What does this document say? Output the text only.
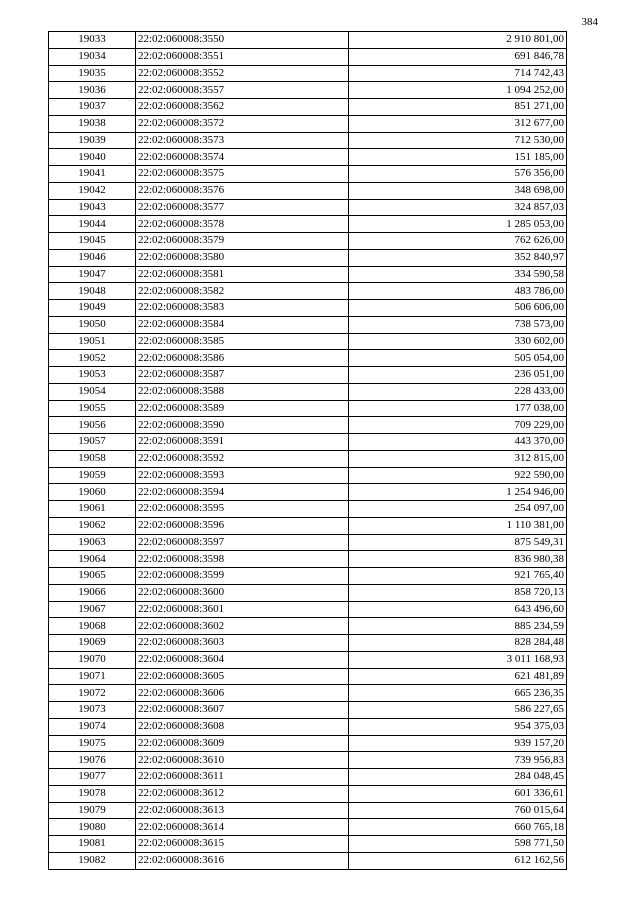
384
19033	22:02:060008:3550	2 910 801,00
19034	22:02:060008:3551	691 846,78
19035	22:02:060008:3552	714 742,43
19036	22:02:060008:3557	1 094 252,00
19037	22:02:060008:3562	851 271,00
19038	22:02:060008:3572	312 677,00
19039	22:02:060008:3573	712 530,00
19040	22:02:060008:3574	151 185,00
19041	22:02:060008:3575	576 356,00
19042	22:02:060008:3576	348 698,00
19043	22:02:060008:3577	324 857,03
19044	22:02:060008:3578	1 285 053,00
19045	22:02:060008:3579	762 626,00
19046	22:02:060008:3580	352 840,97
19047	22:02:060008:3581	334 590,58
19048	22:02:060008:3582	483 786,00
19049	22:02:060008:3583	506 606,00
19050	22:02:060008:3584	738 573,00
19051	22:02:060008:3585	330 602,00
19052	22:02:060008:3586	505 054,00
19053	22:02:060008:3587	236 051,00
19054	22:02:060008:3588	228 433,00
19055	22:02:060008:3589	177 038,00
19056	22:02:060008:3590	709 229,00
19057	22:02:060008:3591	443 370,00
19058	22:02:060008:3592	312 815,00
19059	22:02:060008:3593	922 590,00
19060	22:02:060008:3594	1 254 946,00
19061	22:02:060008:3595	254 097,00
19062	22:02:060008:3596	1 110 381,00
19063	22:02:060008:3597	875 549,31
19064	22:02:060008:3598	836 980,38
19065	22:02:060008:3599	921 765,40
19066	22:02:060008:3600	858 720,13
19067	22:02:060008:3601	643 496,60
19068	22:02:060008:3602	885 234,59
19069	22:02:060008:3603	828 284,48
19070	22:02:060008:3604	3 011 168,93
19071	22:02:060008:3605	621 481,89
19072	22:02:060008:3606	665 236,35
19073	22:02:060008:3607	586 227,65
19074	22:02:060008:3608	954 375,03
19075	22:02:060008:3609	939 157,20
19076	22:02:060008:3610	739 956,83
19077	22:02:060008:3611	284 048,45
19078	22:02:060008:3612	601 336,61
19079	22:02:060008:3613	760 015,64
19080	22:02:060008:3614	660 765,18
19081	22:02:060008:3615	598 771,50
19082	22:02:060008:3616	612 162,56
